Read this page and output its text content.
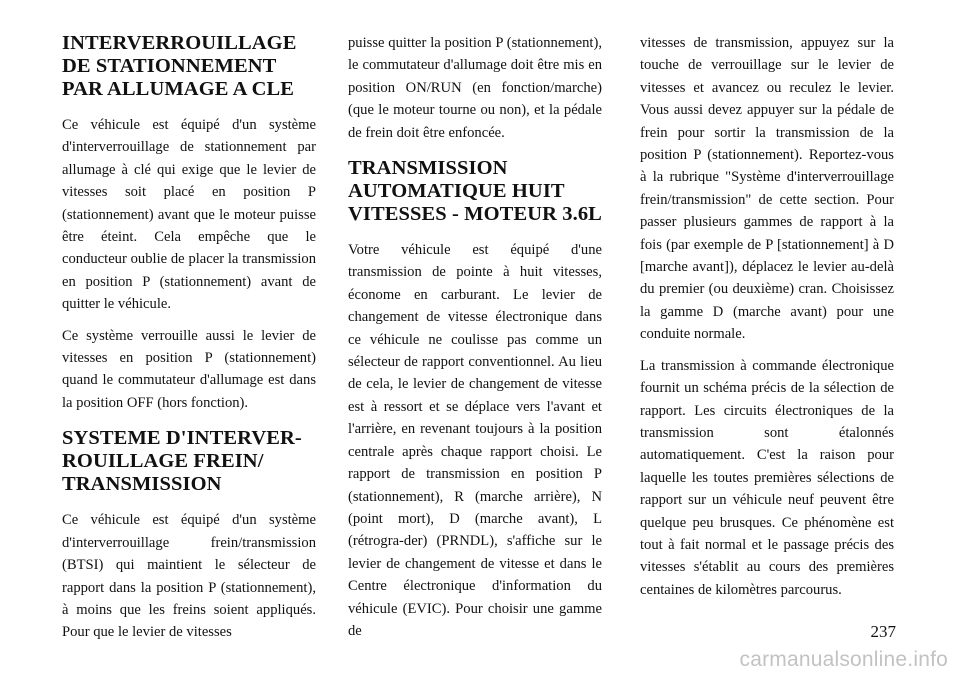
INTERVERROUILLAGE DE STATIONNEMENT PAR ALLUMAGE A CLE

Ce véhicule est équipé d'un système d'interverrouillage de stationnement par allumage à clé qui exige que le levier de vitesses soit placé en position P (stationnement) avant que le moteur puisse être éteint. Cela empêche que le conducteur oublie de placer la transmission en position P (stationnement) avant de quitter le véhicule.

Ce système verrouille aussi le levier de vitesses en position P (stationnement) quand le commutateur d'allumage est dans la position OFF (hors fonction).

SYSTEME D'INTERVER-ROUILLAGE FREIN/ TRANSMISSION

Ce véhicule est équipé d'un système d'interverrouillage frein/transmission (BTSI) qui maintient le sélecteur de rapport dans la position P (stationnement), à moins que les freins soient appliqués. Pour que le levier de vitesses

puisse quitter la position P (stationnement), le commutateur d'allumage doit être mis en position ON/RUN (en fonction/marche) (que le moteur tourne ou non), et la pédale de frein doit être enfoncée.

TRANSMISSION AUTOMATIQUE HUIT VITESSES - MOTEUR 3.6L

Votre véhicule est équipé d'une transmission de pointe à huit vitesses, économe en carburant. Le levier de changement de vitesse électronique dans ce véhicule ne coulisse pas comme un sélecteur de rapport conventionnel. Au lieu de cela, le levier de changement de vitesse est à ressort et se déplace vers l'avant et l'arrière, en revenant toujours à la position centrale après chaque rapport choisi. Le rapport de transmission en position P (stationnement), R (marche arrière), N (point mort), D (marche avant), L (rétrogra-der) (PRNDL), s'affiche sur le levier de changement de vitesse et dans le Centre électronique d'information du véhicule (EVIC). Pour choisir une gamme de

vitesses de transmission, appuyez sur la touche de verrouillage sur le levier de vitesses et avancez ou reculez le levier. Vous aussi devez appuyer sur la pédale de frein pour sortir la transmission de la position P (stationnement). Reportez-vous à la rubrique "Système d'interverrouillage frein/transmission" de cette section. Pour passer plusieurs gammes de rapport à la fois (par exemple de P [stationnement] à D [marche avant]), déplacez le levier au-delà du premier (ou deuxième) cran. Choisissez la gamme D (marche avant) pour une conduite normale.

La transmission à commande électronique fournit un schéma précis de la sélection de rapport. Les circuits électroniques de la transmission sont étalonnés automatiquement. C'est la raison pour laquelle les toutes premières sélections de rapport sur un véhicule neuf peuvent être quelque peu brusques. Ce phénomène est tout à fait normal et le passage précis des vitesses s'établit au cours des premières centaines de kilomètres parcourus.

237
carmanualsonline.info
